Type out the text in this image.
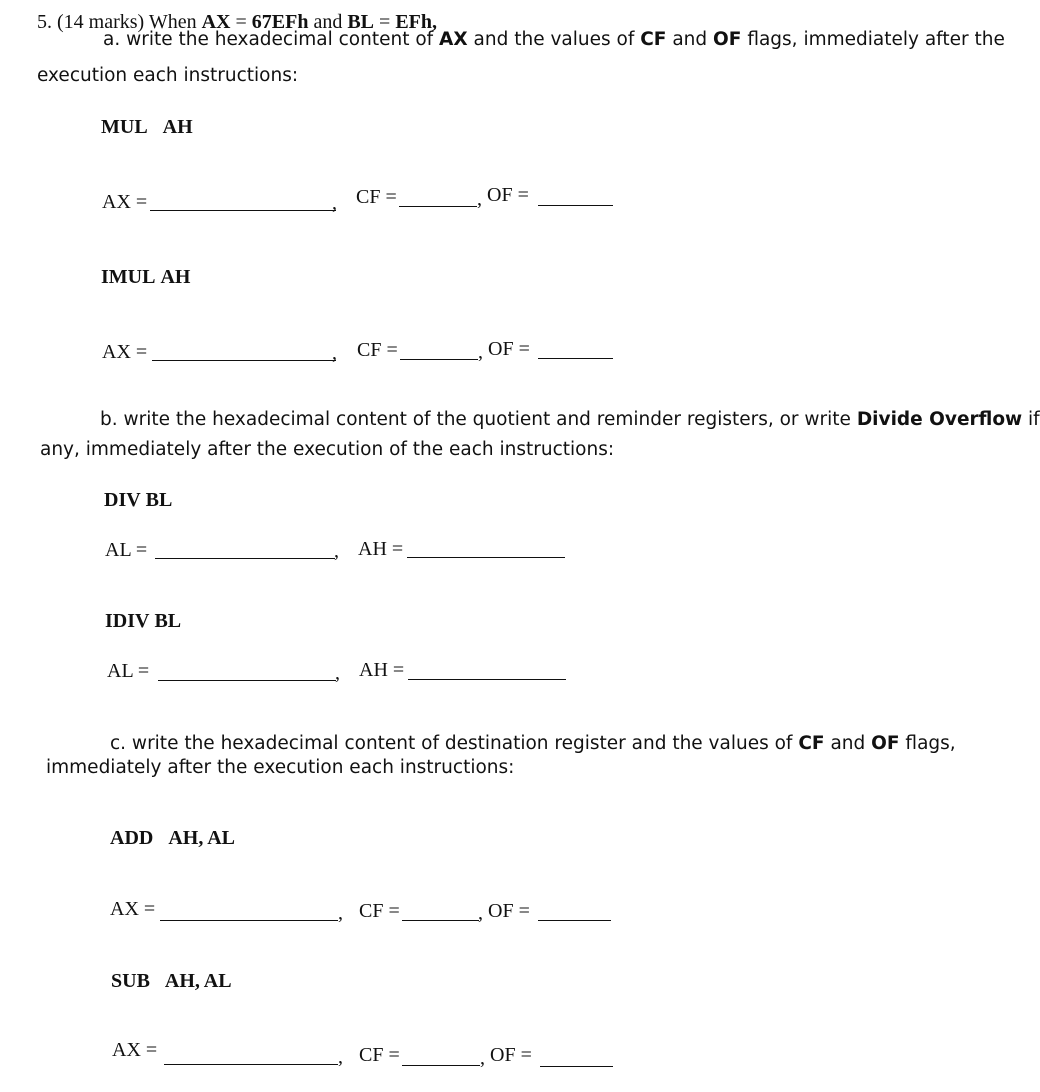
5. (14 marks) When AX = 67EFh and BL = EFh,
a. write the hexadecimal content of AX and the values of CF and OF flags, immediately after the
execution each instructions:
MUL AH
AX =	, CF =	, OF =
IMUL AH
AX =	, CF =	, OF =
b. write the hexadecimal content of the quotient and reminder registers, or write Divide Overflow if
any, immediately after the execution of the each instructions:
DIV BL
AL =	, AH =
IDIV BL
AL =	, AH =
c. write the hexadecimal content of destination register and the values of CF and OF flags,
immediately after the execution each instructions:
ADD AH, AL
AX =	, CF =	, OF =
SUB AH, AL
AX =	, CF =	, OF =
